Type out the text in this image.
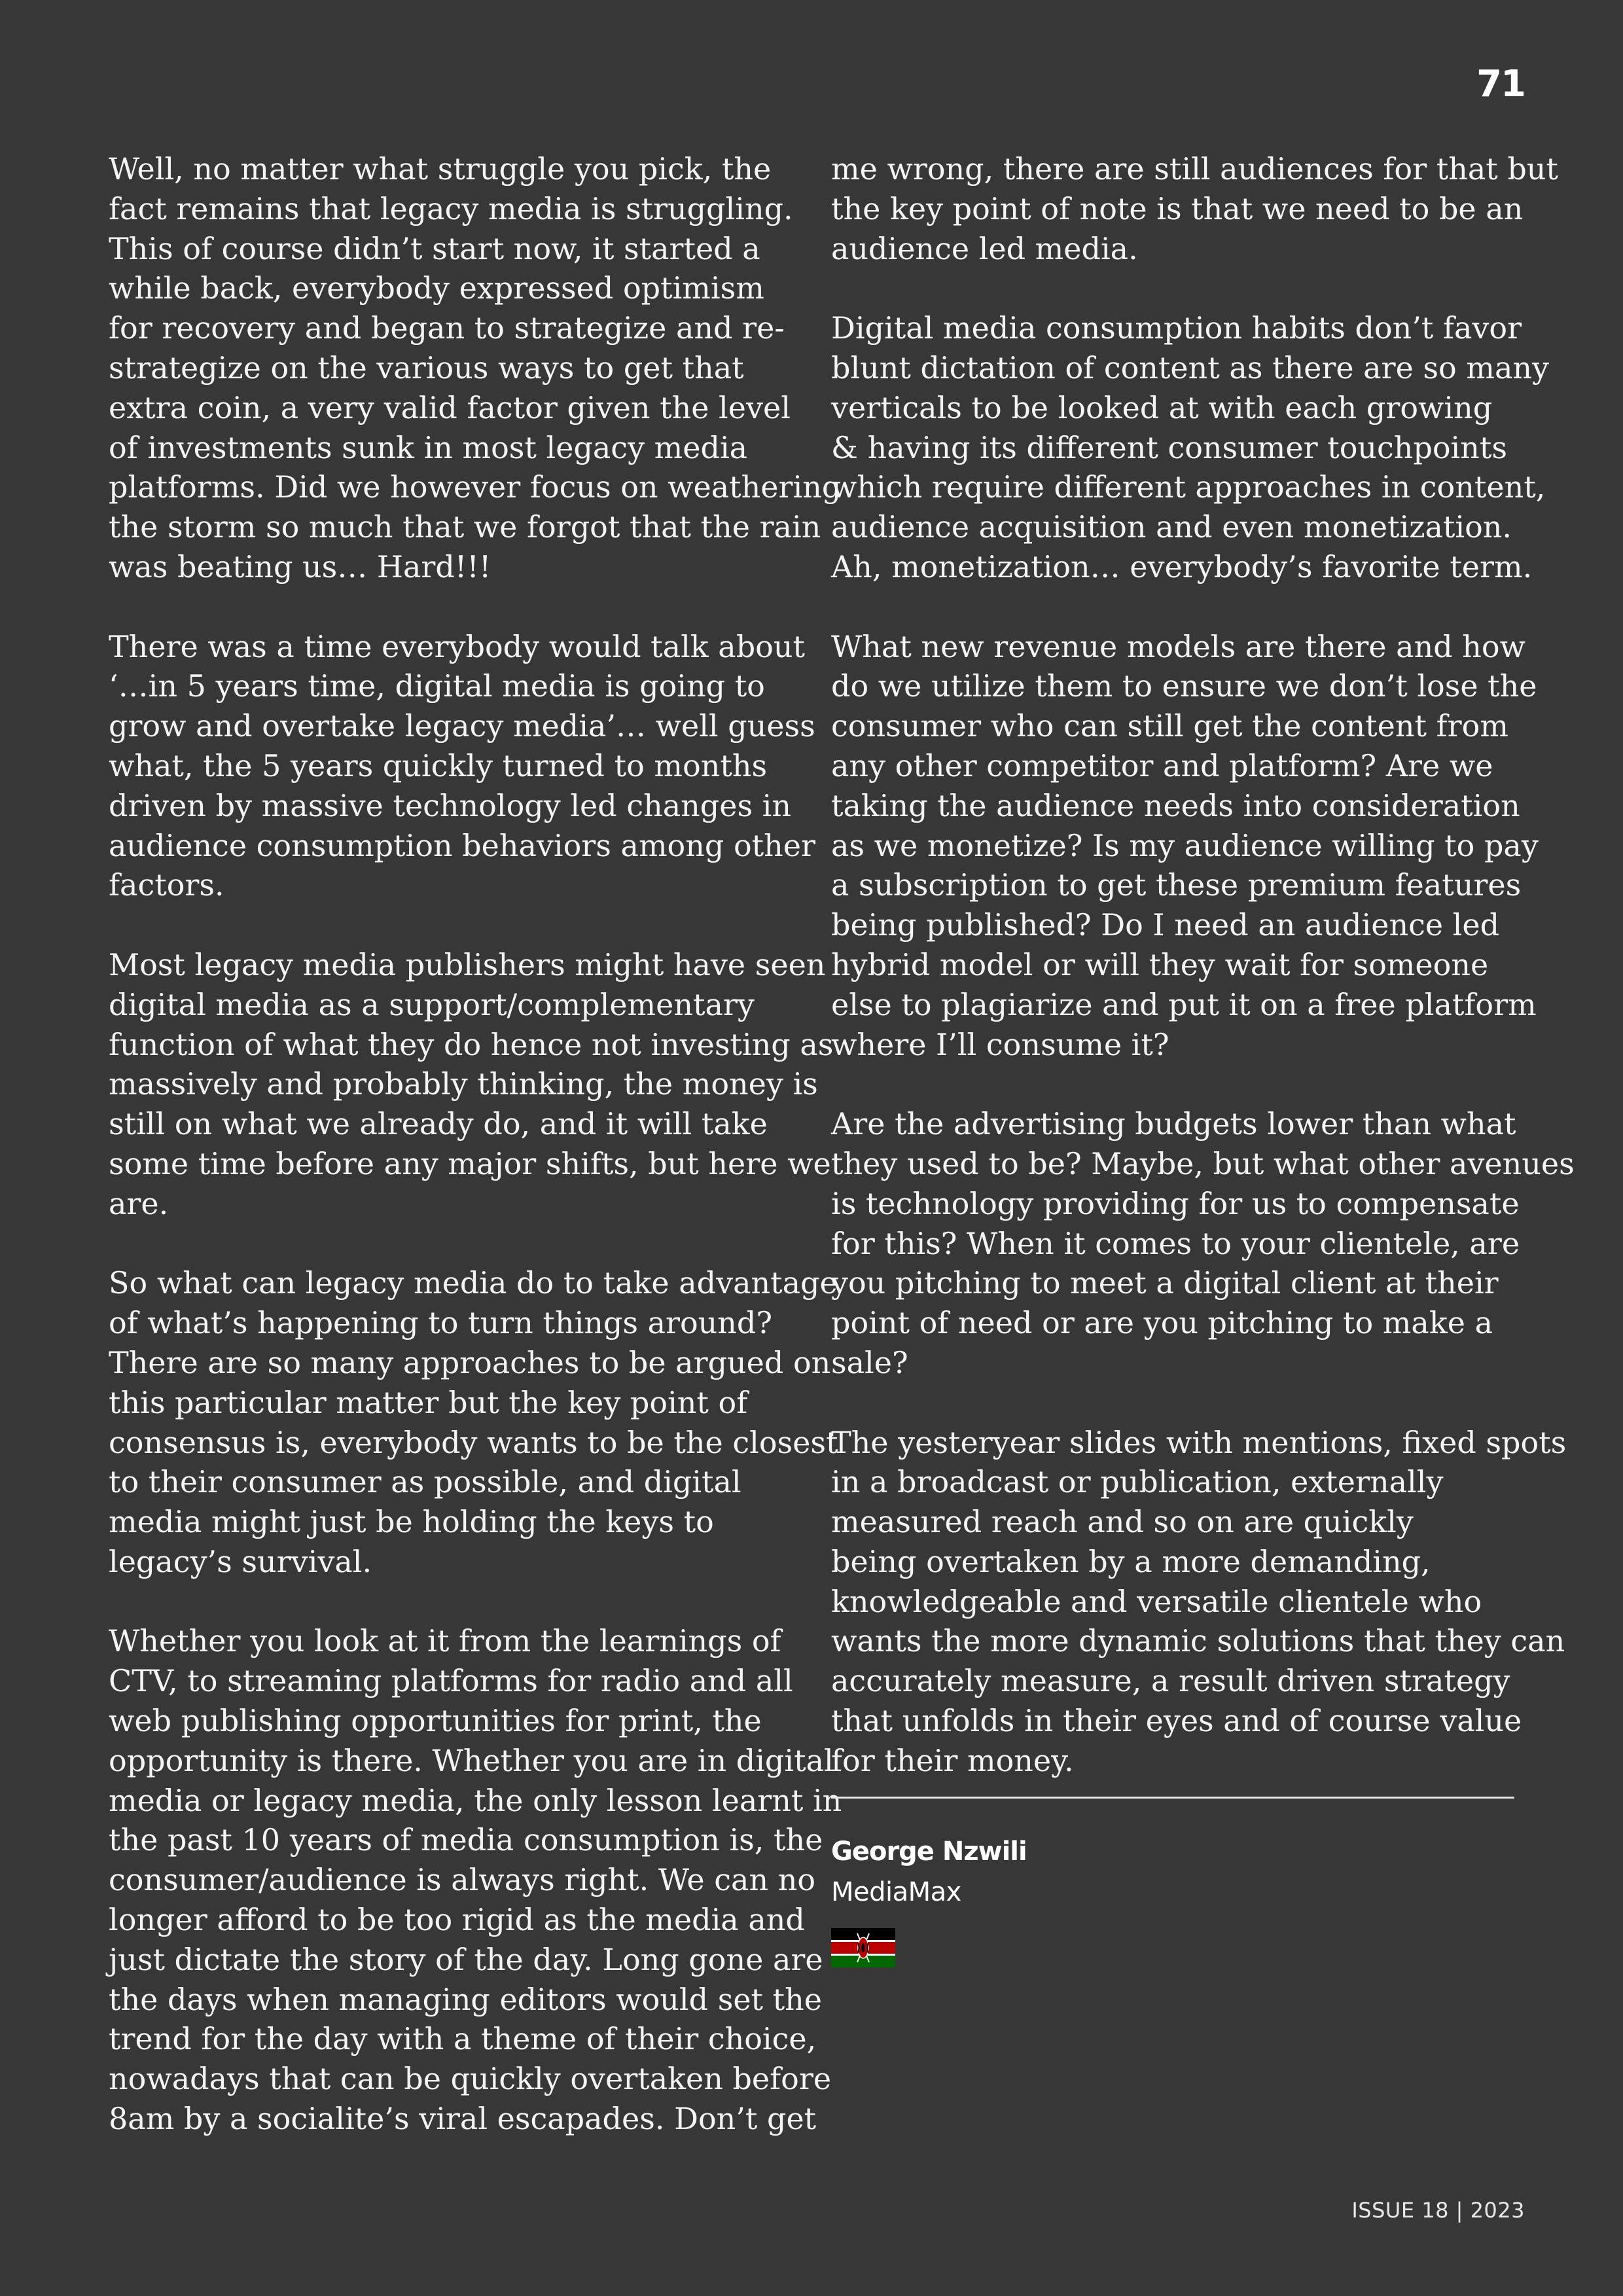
71
Well, no matter what struggle you pick, the
fact remains that legacy media is struggling.
This of course didn’t start now, it started a
while back, everybody expressed optimism
for recovery and began to strategize and re-
strategize on the various ways to get that
extra coin, a very valid factor given the level
of investments sunk in most legacy media
platforms. Did we however focus on weathering
the storm so much that we forgot that the rain
was beating us… Hard!!!
There was a time everybody would talk about
‘…in 5 years time, digital media is going to
grow and overtake legacy media’… well guess
what, the 5 years quickly turned to months
driven by massive technology led changes in
audience consumption behaviors among other
factors.
Most legacy media publishers might have seen
digital media as a support/complementary
function of what they do hence not investing as
massively and probably thinking, the money is
still on what we already do, and it will take
some time before any major shifts, but here we
are.
So what can legacy media do to take advantage
of what’s happening to turn things around?
There are so many approaches to be argued on
this particular matter but the key point of
consensus is, everybody wants to be the closest
to their consumer as possible, and digital
media might just be holding the keys to
legacy’s survival.
Whether you look at it from the learnings of
CTV, to streaming platforms for radio and all
web publishing opportunities for print, the
opportunity is there. Whether you are in digital
media or legacy media, the only lesson learnt in
the past 10 years of media consumption is, the
consumer/audience is always right. We can no
longer afford to be too rigid as the media and
just dictate the story of the day. Long gone are
the days when managing editors would set the
trend for the day with a theme of their choice,
nowadays that can be quickly overtaken before
8am by a socialite’s viral escapades. Don’t get
me wrong, there are still audiences for that but
the key point of note is that we need to be an
audience led media.
Digital media consumption habits don’t favor
blunt dictation of content as there are so many
verticals to be looked at with each growing
& having its different consumer touchpoints
which require different approaches in content,
audience acquisition and even monetization.
Ah, monetization… everybody’s favorite term.
What new revenue models are there and how
do we utilize them to ensure we don’t lose the
consumer who can still get the content from
any other competitor and platform? Are we
taking the audience needs into consideration
as we monetize? Is my audience willing to pay
a subscription to get these premium features
being published? Do I need an audience led
hybrid model or will they wait for someone
else to plagiarize and put it on a free platform
where I’ll consume it?
Are the advertising budgets lower than what
they used to be? Maybe, but what other avenues
is technology providing for us to compensate
for this? When it comes to your clientele, are
you pitching to meet a digital client at their
point of need or are you pitching to make a
sale?
The yesteryear slides with mentions, fixed spots
in a broadcast or publication, externally
measured reach and so on are quickly
being overtaken by a more demanding,
knowledgeable and versatile clientele who
wants the more dynamic solutions that they can
accurately measure, a result driven strategy
that unfolds in their eyes and of course value
for their money.
George Nzwili
MediaMax
ISSUE 18 | 2023
